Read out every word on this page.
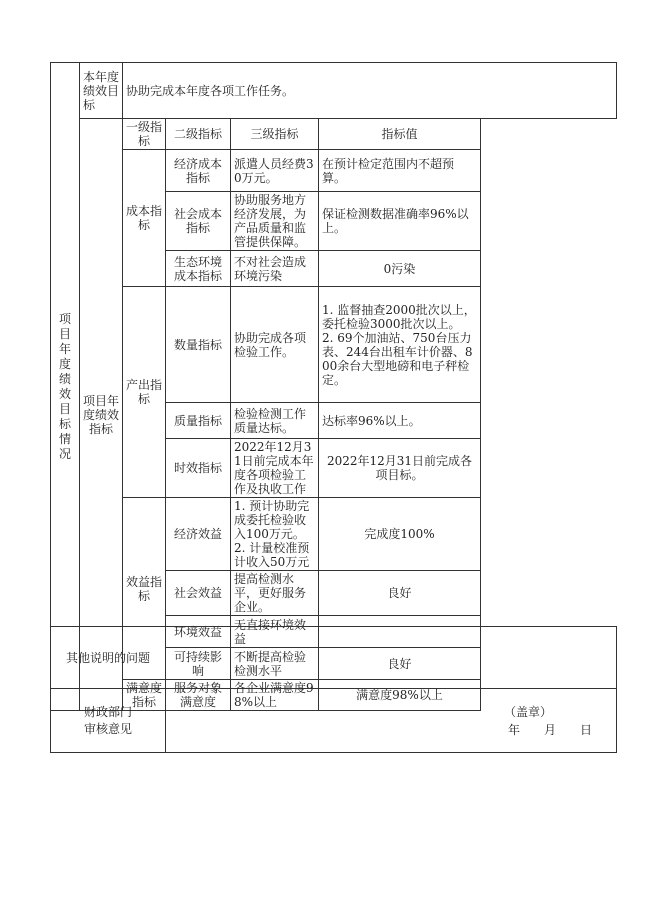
项目年度绩效目标情况	本年度绩效目标	协助完成本年度各项工作任务。			
	项目年度绩效指标	一级指标	二级指标	三级指标	指标值
		成本指标	经济成本指标	派遣人员经费30万元。	在预计检定范围内不超预算。
			社会成本指标	协助服务地方经济发展，为产品质量和监管提供保障。	保证检测数据准确率96%以上。
			生态环境成本指标	不对社会造成环境污染	0污染
		产出指标	数量指标	协助完成各项检验工作。	1. 监督抽查2000批次以上，委托检验3000批次以上。
2. 69个加油站、750台压力表、244台出租车计价器、800余台大型地磅和电子秤检定。
			质量指标	检验检测工作质量达标。	达标率96%以上。
			时效指标	2022年12月31日前完成本年度各项检验工作及执收工作	2022年12月31日前完成各项目标。
		效益指标	经济效益	1. 预计协助完成委托检验收入100万元。
2. 计量校准预计收入50万元	完成度100%
			社会效益	提高检测水平，更好服务企业。	良好
			环境效益	无直接环境效益	
			可持续影响	不断提高检验检测水平	良好
		满意度指标	服务对象满意度	各企业满意度98%以上	满意度98%以上
其他说明的问题	
财政部门审核意见	（盖章）
年　　月　　日
